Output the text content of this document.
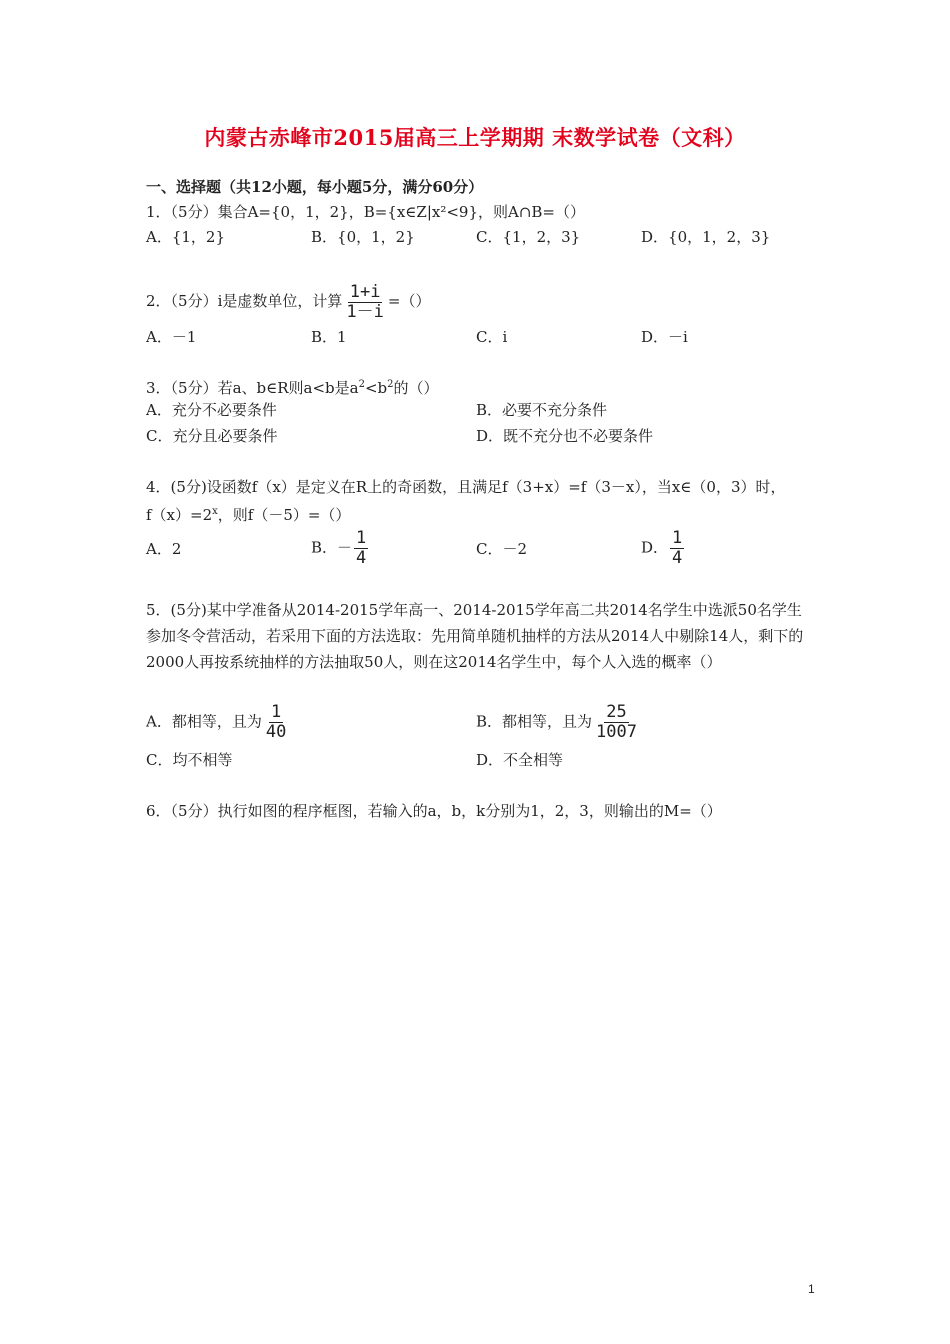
内蒙古赤峰市2015届高三上学期期 末数学试卷（文科）
一、选择题（共12小题，每小题5分，满分60分）
1．（5分）集合A={0，1，2}，B={x∈Z|x²<9}，则A∩B=（）
A．{1，2}	B．{0，1，2}	C．{1，2，3}	D．{0，1，2，3}
2．（5分）i是虚数单位，计算 $\frac{1+i}{1-i}$ =（）
A．－1	B．1	C．i	D．－i
3．（5分）若a、b∈R则a<b是$a^2<b^2$的（）
A．充分不必要条件	B．必要不充分条件
C．充分且必要条件	D．既不充分也不必要条件
4．(5分)设函数f（x）是定义在R上的奇函数，且满足f（3+x）=f（3－x），当x∈（0，3）时，
$f(x)=2^x$，则f（－5）=（）
A．2	B．－ $\frac{1}{4}$	C．－2	D． $\frac{1}{4}$
5．(5分)某中学准备从2014-2015学年高一、2014-2015学年高二共2014名学生中选派50名学生参加冬令营活动，若采用下面的方法选取：先用简单随机抽样的方法从2014人中剔除14人，剩下的2000人再按系统抽样的方法抽取50人，则在这2014名学生中，每个人入选的概率（）
A．都相等，且为 $\frac{1}{40}$	B．都相等，且为 $\frac{25}{1007}$
C．均不相等	D．不全相等
6．（5分）执行如图的程序框图，若输入的a，b，k分别为1，2，3，则输出的M=（）
1
